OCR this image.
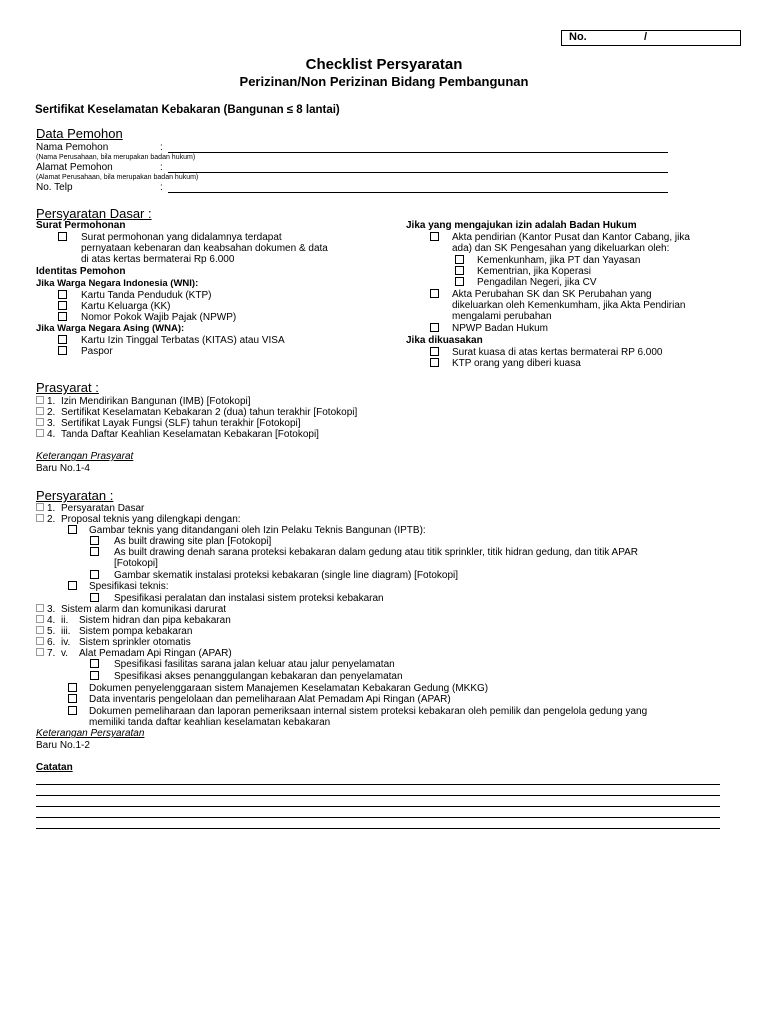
No.	/
Checklist Persyaratan
Perizinan/Non Perizinan Bidang Pembangunan
Sertifikat Keselamatan Kebakaran (Bangunan ≤ 8 lantai)
Data Pemohon
Nama Pemohon	:
(Nama Perusahaan, bila merupakan badan hukum)
Alamat Pemohon	:
(Alamat Perusahaan, bila merupakan badan hukum)
No. Telp	:
Persyaratan Dasar :
Surat Permohonan
Surat permohonan yang didalamnya terdapat
pernyataan kebenaran dan keabsahan dokumen & data
di atas kertas bermaterai Rp 6.000
Identitas Pemohon
Jika Warga Negara Indonesia (WNI):
Kartu Tanda Penduduk (KTP)
Kartu Keluarga (KK)
Nomor Pokok Wajib Pajak (NPWP)
Jika Warga Negara Asing (WNA):
Kartu Izin Tinggal Terbatas (KITAS) atau VISA
Paspor
Jika yang mengajukan izin adalah Badan Hukum
Akta pendirian (Kantor Pusat dan Kantor Cabang, jika
ada) dan SK Pengesahan yang dikeluarkan oleh:
Kemenkunham, jika PT dan Yayasan
Kementrian, jika Koperasi
Pengadilan Negeri, jika CV
Akta Perubahan SK dan SK Perubahan yang
dikeluarkan oleh Kemenkumham, jika Akta Pendirian
mengalami perubahan
NPWP Badan Hukum
Jika dikuasakan
Surat kuasa di atas kertas bermaterai RP 6.000
KTP orang yang diberi kuasa
Prasyarat :
1. Izin Mendirikan Bangunan (IMB) [Fotokopi]
2. Sertifikat Keselamatan Kebakaran 2 (dua) tahun terakhir [Fotokopi]
3. Sertifikat Layak Fungsi (SLF) tahun terakhir [Fotokopi]
4. Tanda Daftar Keahlian Keselamatan Kebakaran [Fotokopi]
Keterangan Prasyarat
Baru No.1-4
Persyaratan :
1. Persyaratan Dasar
2. Proposal teknis yang dilengkapi dengan:
Gambar teknis yang ditandangani oleh Izin Pelaku Teknis Bangunan (IPTB):
As built drawing site plan [Fotokopi]
As built drawing denah sarana proteksi kebakaran dalam gedung atau titik sprinkler, titik hidran gedung, dan titik APAR
[Fotokopi]
Gambar skematik instalasi proteksi kebakaran (single line diagram) [Fotokopi]
Spesifikasi teknis:
Spesifikasi peralatan dan instalasi sistem proteksi kebakaran
3. Sistem alarm dan komunikasi darurat
4. ii. Sistem hidran dan pipa kebakaran
5. iii. Sistem pompa kebakaran
6. iv. Sistem sprinkler otomatis
7. v. Alat Pemadam Api Ringan (APAR)
Spesifikasi fasilitas sarana jalan keluar atau jalur penyelamatan
Spesifikasi akses penanggulangan kebakaran dan penyelamatan
Dokumen penyelenggaraan sistem Manajemen Keselamatan Kebakaran Gedung (MKKG)
Data inventaris pengelolaan dan pemeliharaan Alat Pemadam Api Ringan (APAR)
Dokumen pemeliharaan dan laporan pemeriksaan internal sistem proteksi kebakaran oleh pemilik dan pengelola gedung yang
memiliki tanda daftar keahlian keselamatan kebakaran
Keterangan Persyaratan
Baru No.1-2
Catatan
